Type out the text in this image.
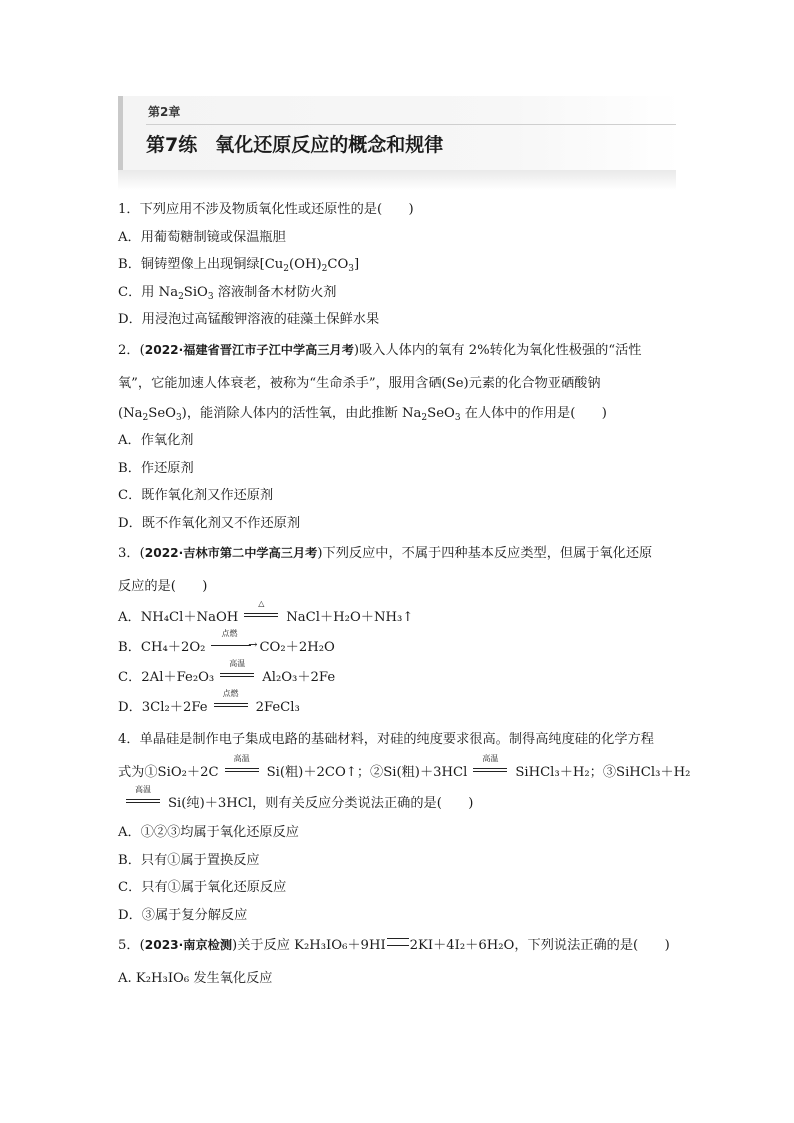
第2章
第7练 氧化还原反应的概念和规律
1．下列应用不涉及物质氧化性或还原性的是(　　)
A．用葡萄糖制镜或保温瓶胆
B．铜铸塑像上出现铜绿$[Cu_2(OH)_2CO_3]$
C．用 $Na_2SiO_3$ 溶液制备木材防火剂
D．用浸泡过高锰酸钾溶液的硅藻土保鲜水果
2．(2022·福建省晋江市子江中学高三月考)吸入人体内的氧有 2%转化为氧化性极强的“活性
氧”，它能加速人体衰老，被称为“生命杀手”，服用含硒(Se)元素的化合物亚硒酸钠
$(Na_2SeO_3)$，能消除人体内的活性氧，由此推断 $Na_2SeO_3$ 在人体中的作用是(　　)
A．作氧化剂
B．作还原剂
C．既作氧化剂又作还原剂
D．既不作氧化剂又不作还原剂
3．(2022·吉林市第二中学高三月考)下列反应中，不属于四种基本反应类型，但属于氧化还原
反应的是(　　)
A．NH₄Cl＋NaOH
△
NaCl＋H₂O＋NH₃↑
B．CH₄＋2O₂
点燃
→ CO₂＋2H₂O
C．2Al＋Fe₂O₃
高温
Al₂O₃＋2Fe
D．3Cl₂＋2Fe
点燃
2FeCl₃
4．单晶硅是制作电子集成电路的基础材料，对硅的纯度要求很高。制得高纯度硅的化学方程
式为①SiO₂＋2C
高温
Si(粗)＋2CO↑；②Si(粗)＋3HCl
高温
SiHCl₃＋H₂；③SiHCl₃＋H₂
高温
Si(纯)＋3HCl，则有关反应分类说法正确的是(　　)
A．①②③均属于氧化还原反应
B．只有①属于置换反应
C．只有①属于氧化还原反应
D．③属于复分解反应
5．(2023·南京检测)关于反应 K₂H₃IO₆＋9HI 2KI＋4I₂＋6H₂O，下列说法正确的是(　　)
A. K₂H₃IO₆ 发生氧化反应
